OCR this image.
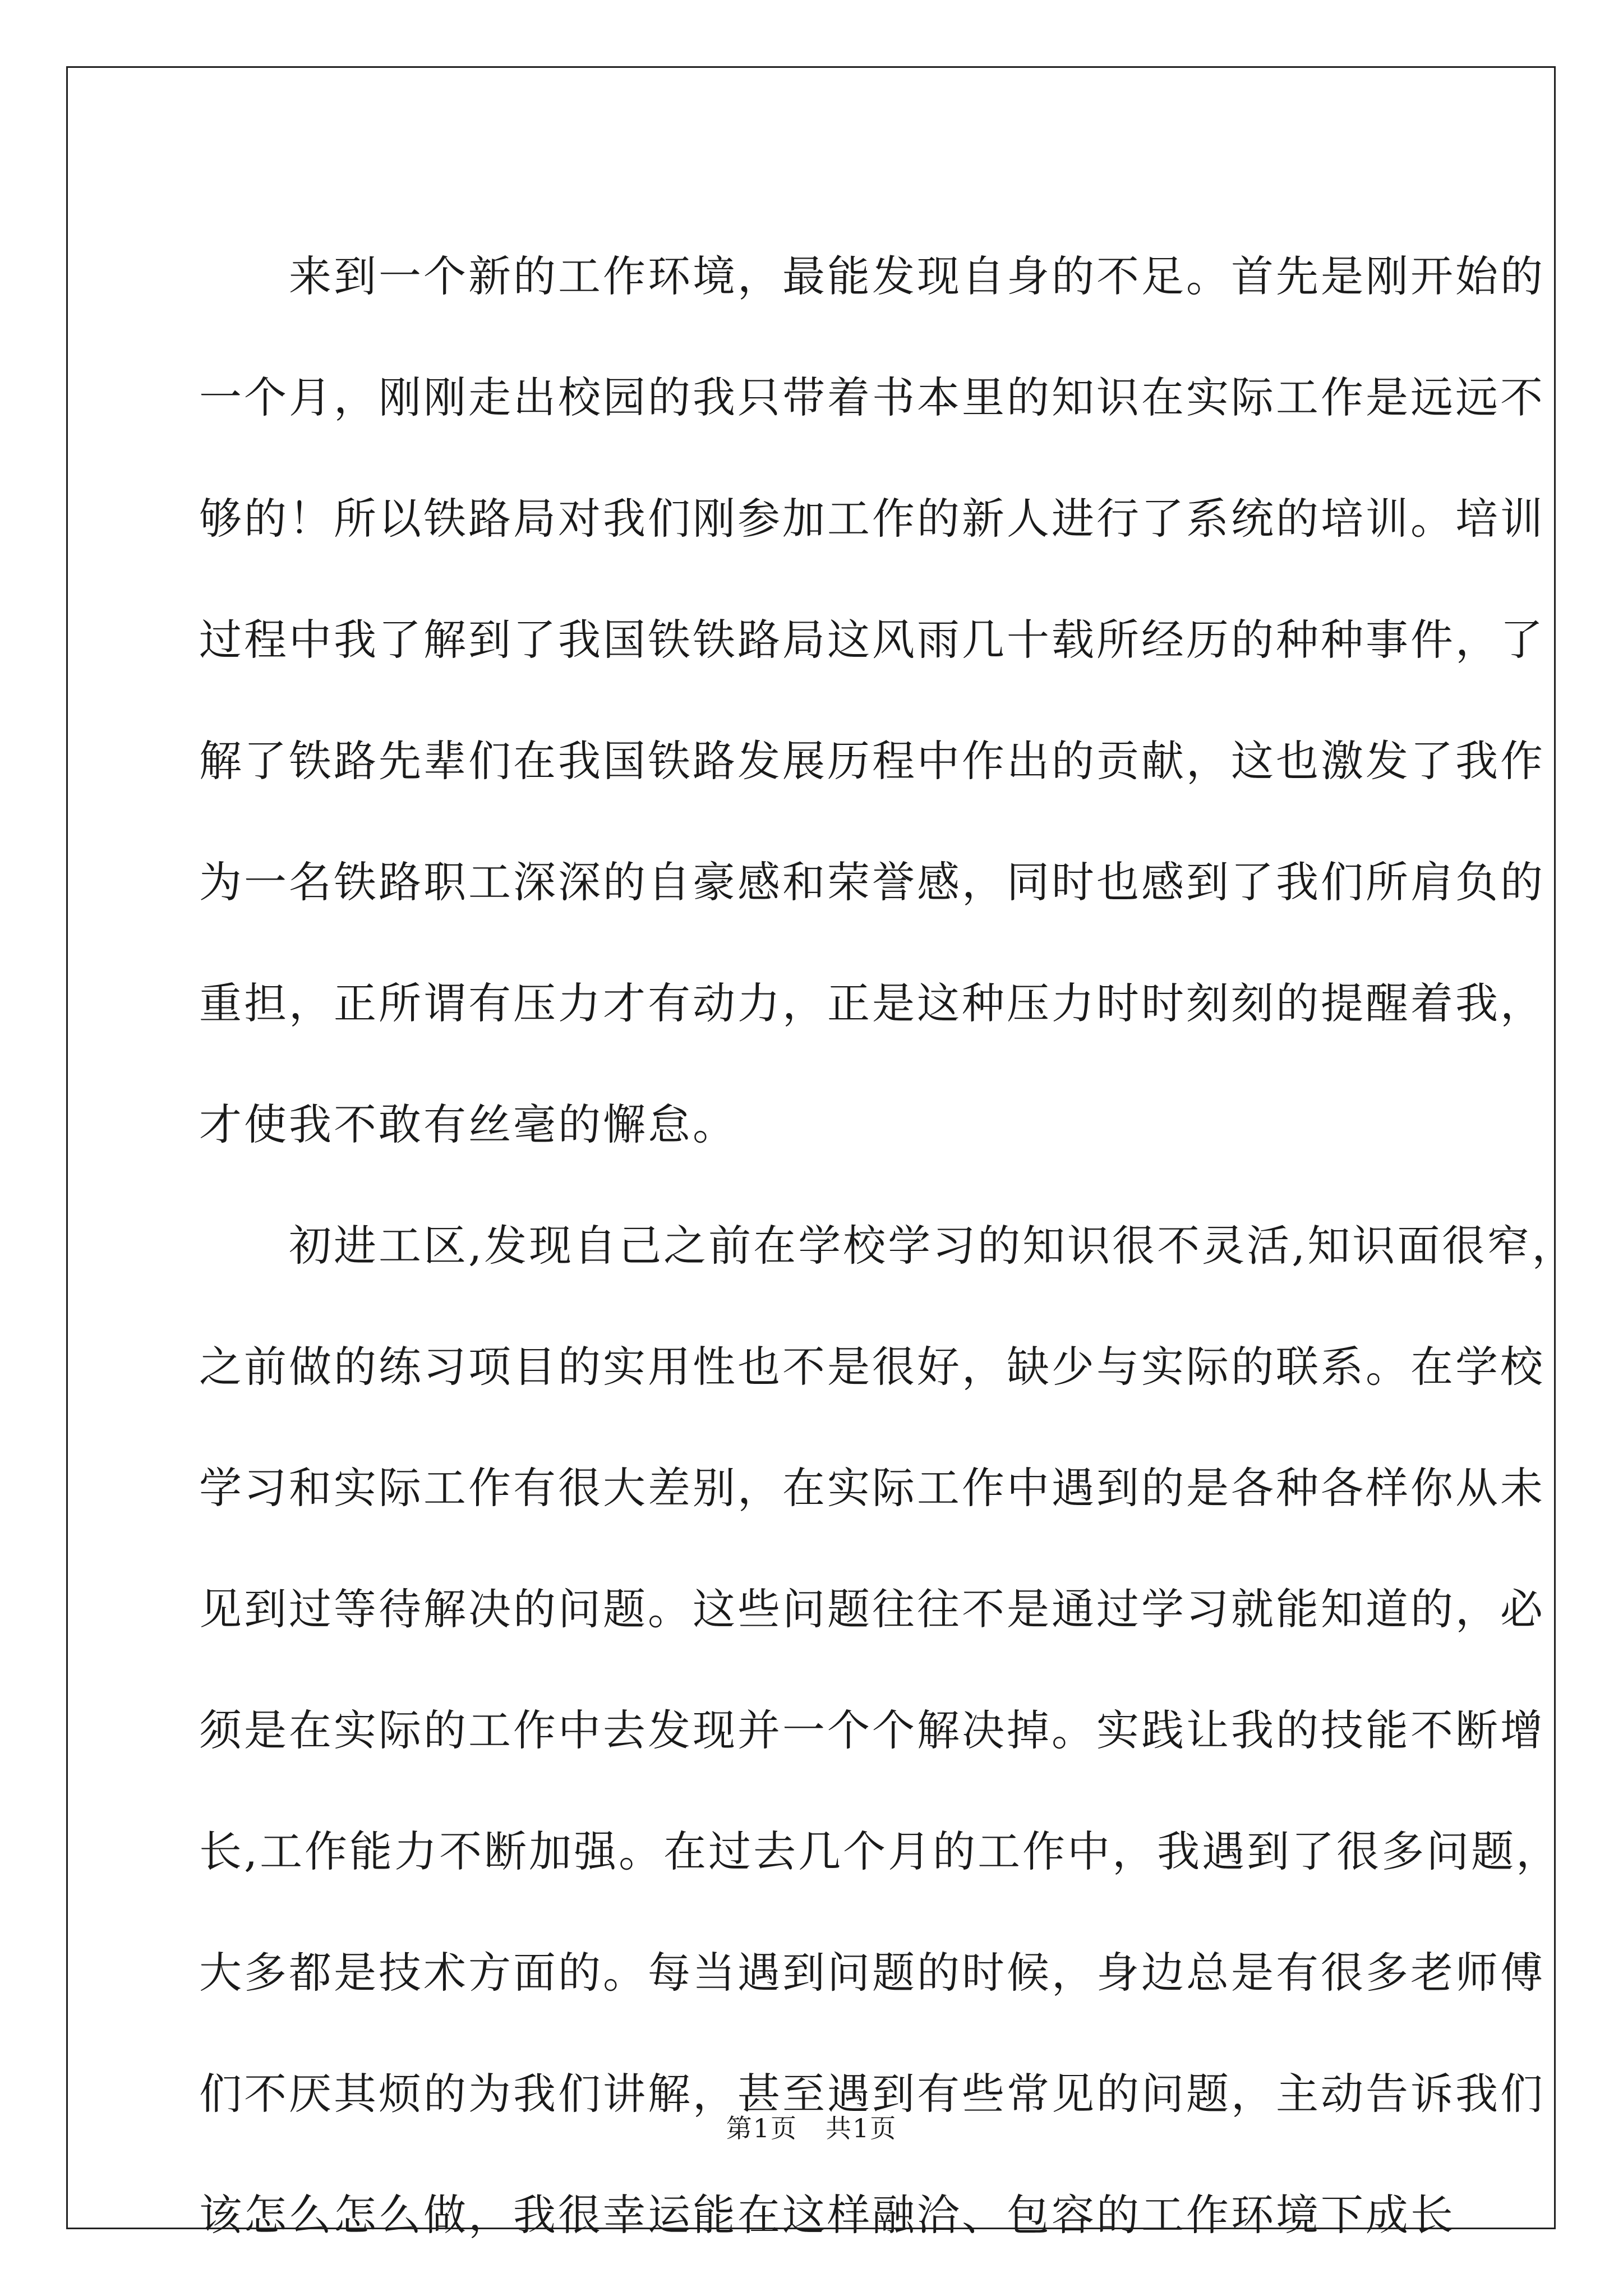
　　来到一个新的工作环境，最能发现自身的不足。首先是刚开始的
一个月，刚刚走出校园的我只带着书本里的知识在实际工作是远远不
够的！所以铁路局对我们刚参加工作的新人进行了系统的培训。培训
过程中我了解到了我国铁铁路局这风雨几十载所经历的种种事件，了
解了铁路先辈们在我国铁路发展历程中作出的贡献，这也激发了我作
为一名铁路职工深深的自豪感和荣誉感，同时也感到了我们所肩负的
重担，正所谓有压力才有动力，正是这种压力时时刻刻的提醒着我，
才使我不敢有丝毫的懈怠。
　　初进工区,发现自己之前在学校学习的知识很不灵活,知识面很窄，
之前做的练习项目的实用性也不是很好，缺少与实际的联系。在学校
学习和实际工作有很大差别，在实际工作中遇到的是各种各样你从未
见到过等待解决的问题。这些问题往往不是通过学习就能知道的，必
须是在实际的工作中去发现并一个个解决掉。实践让我的技能不断增
长,工作能力不断加强。在过去几个月的工作中，我遇到了很多问题，
大多都是技术方面的。每当遇到问题的时候，身边总是有很多老师傅
们不厌其烦的为我们讲解，甚至遇到有些常见的问题，主动告诉我们
该怎么怎么做，我很幸运能在这样融洽、包容的工作环境下成长
第1页 共1页
